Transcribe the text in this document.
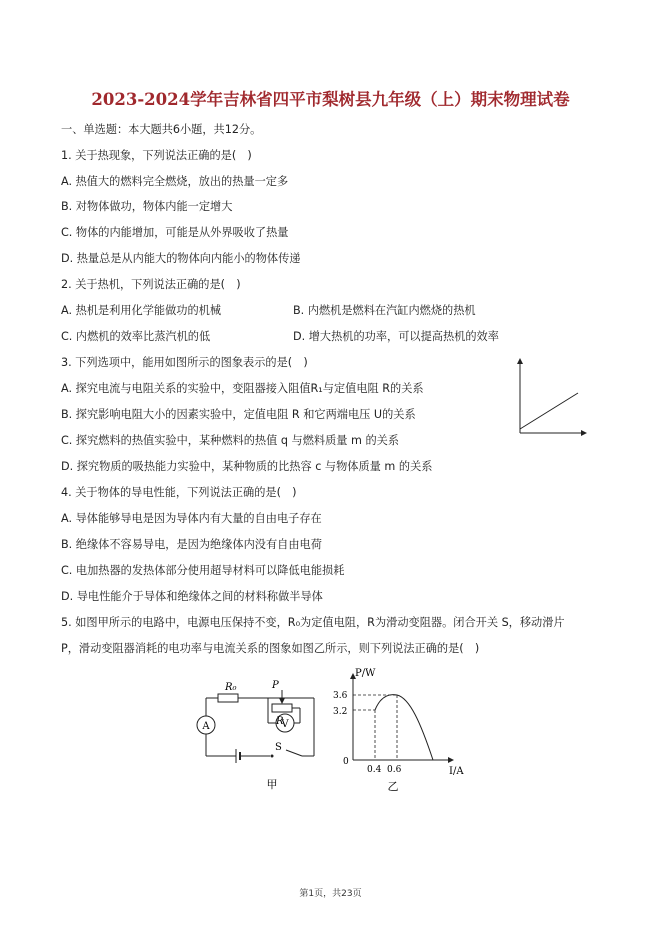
2023-2024学年吉林省四平市梨树县九年级（上）期末物理试卷
一、单选题：本大题共6小题，共12分。
1. 关于热现象，下列说法正确的是(　)
A. 热值大的燃料完全燃烧，放出的热量一定多
B. 对物体做功，物体内能一定增大
C. 物体的内能增加，可能是从外界吸收了热量
D. 热量总是从内能大的物体向内能小的物体传递
2. 关于热机，下列说法正确的是(　)
A. 热机是利用化学能做功的机械	B. 内燃机是燃料在汽缸内燃烧的热机
C. 内燃机的效率比蒸汽机的低	D. 增大热机的功率，可以提高热机的效率
3. 下列选项中，能用如图所示的图象表示的是(　)
A. 探究电流与电阻关系的实验中，变阻器接入阻值R₁与定值电阻 R的关系
B. 探究影响电阻大小的因素实验中，定值电阻 R 和它两端电压 U的关系
C. 探究燃料的热值实验中，某种燃料的热值 q 与燃料质量 m 的关系
D. 探究物质的吸热能力实验中，某种物质的比热容 c 与物体质量 m 的关系
4. 关于物体的导电性能，下列说法正确的是(　)
A. 导体能够导电是因为导体内有大量的自由电子存在
B. 绝缘体不容易导电，是因为绝缘体内没有自由电荷
C. 电加热器的发热体部分使用超导材料可以降低电能损耗
D. 导电性能介于导体和绝缘体之间的材料称做半导体
5. 如图甲所示的电路中，电源电压保持不变，R₀为定值电阻，R为滑动变阻器。闭合开关 S，移动滑片
P，滑动变阻器消耗的电功率与电流关系的图象如图乙所示，则下列说法正确的是(　)
A	V
R₀	P
R
S
甲
P/W
I/A
0
3.6
3.2
0.4 0.6
乙
第1页，共23页
